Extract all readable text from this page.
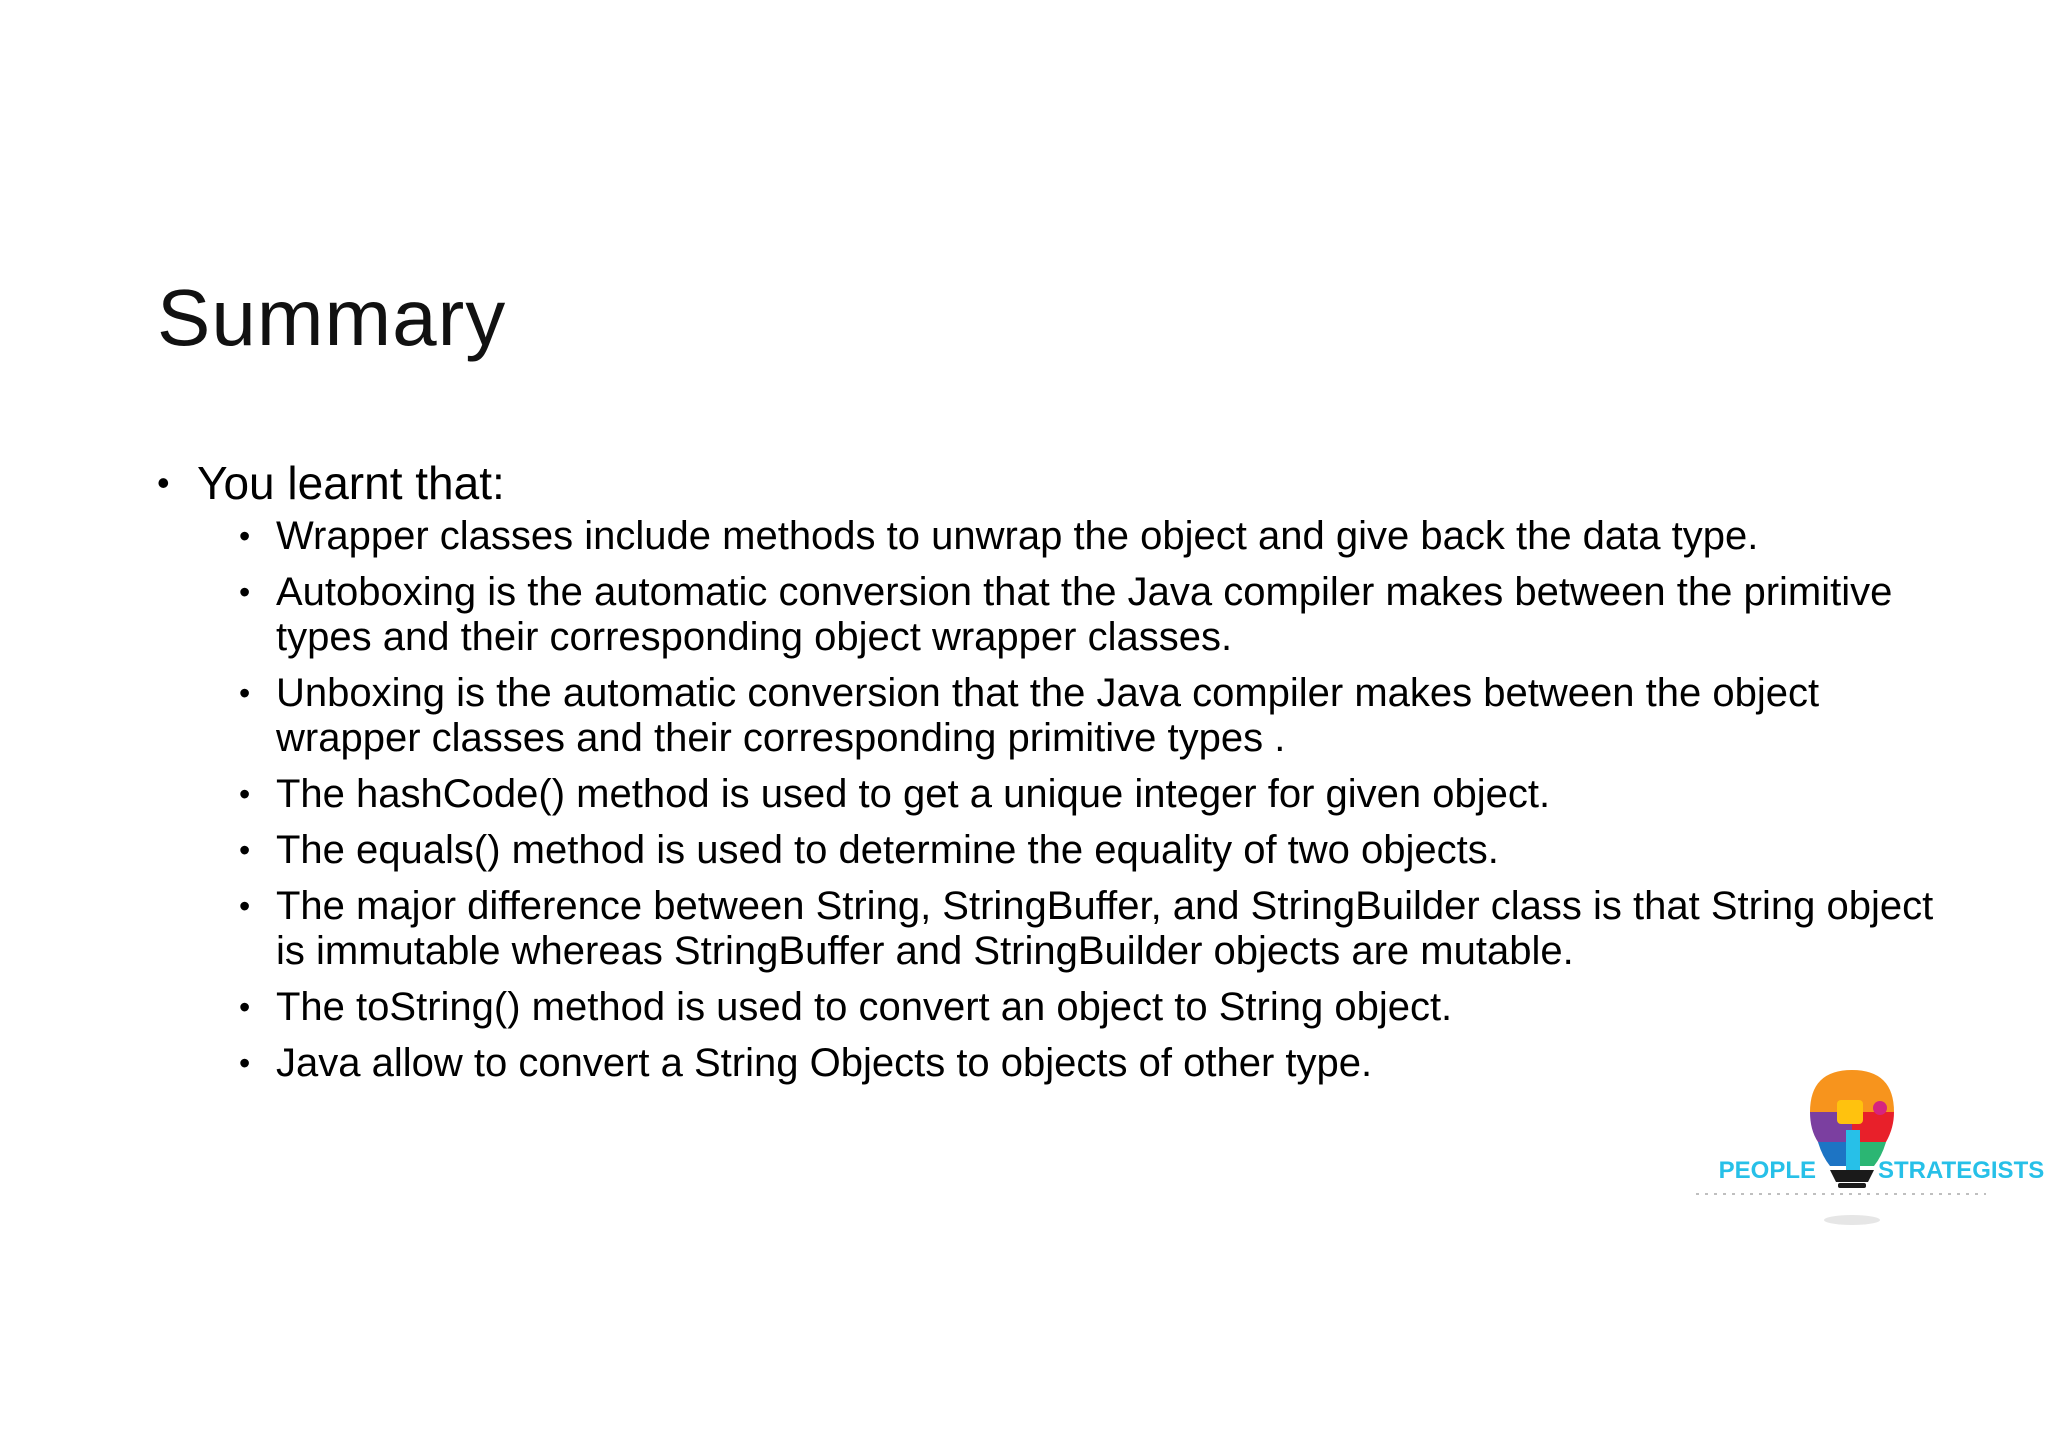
Summary
• You learnt that:
• Wrapper classes include methods to unwrap the object and give back the data type.
• Autoboxing is the automatic conversion that the Java compiler makes between the primitive types and their corresponding object wrapper classes.
• Unboxing is the automatic conversion that the Java compiler makes between the object wrapper classes and their corresponding primitive types .
• The hashCode() method is used to get a unique integer for given object.
• The equals() method is used to determine the equality of two objects.
• The major difference between String, StringBuffer, and StringBuilder class is that String object is immutable whereas StringBuffer and StringBuilder objects are mutable.
• The toString() method is used to convert an object to String object.
• Java allow to convert a String Objects to objects of other type.
PEOPLE	STRATEGISTS
